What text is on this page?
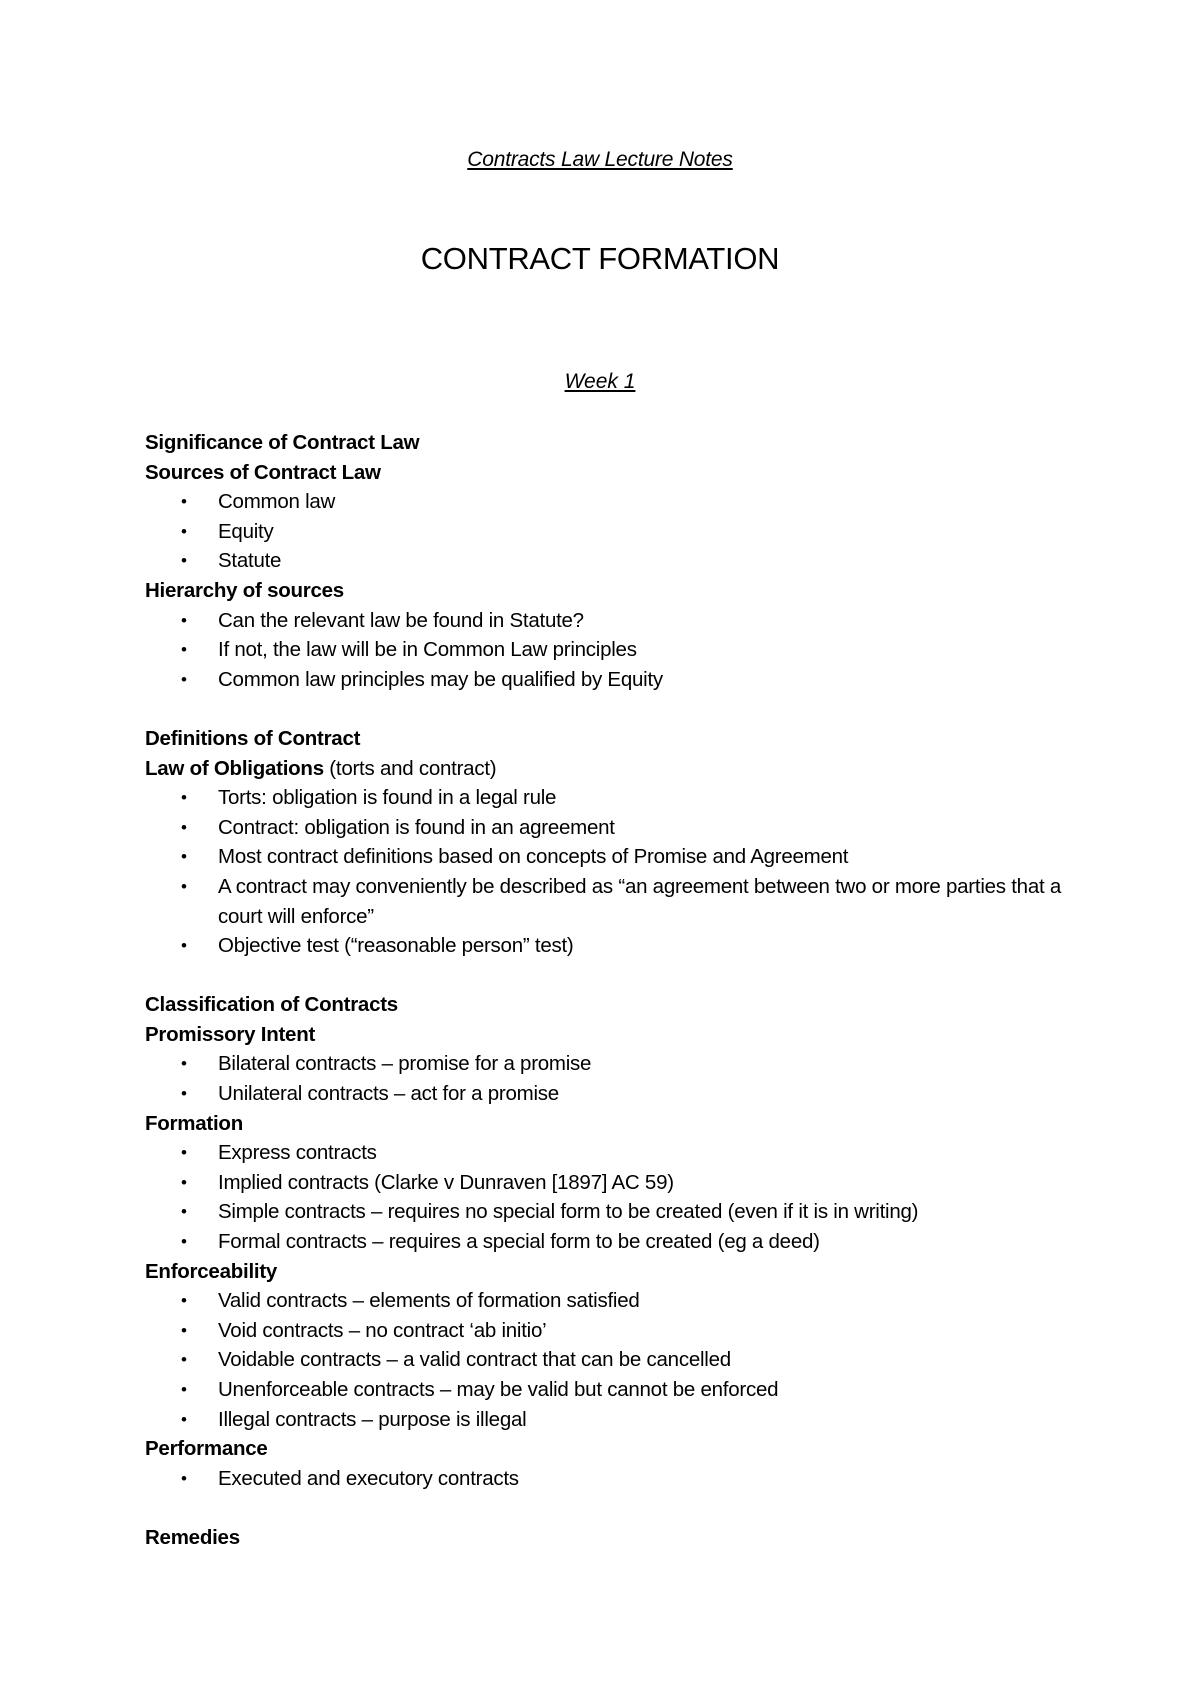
Contracts Law Lecture Notes
CONTRACT FORMATION
Week 1

Significance of Contract Law

Sources of Contract Law

• Common law
• Equity
• Statute

Hierarchy of sources

• Can the relevant law be found in Statute?
• If not, the law will be in Common Law principles
• Common law principles may be qualified by Equity

Definitions of Contract

Law of Obligations (torts and contract)

• Torts: obligation is found in a legal rule
• Contract: obligation is found in an agreement
• Most contract definitions based on concepts of Promise and Agreement
• A contract may conveniently be described as “an agreement between two or more parties that a court will enforce”
• Objective test (“reasonable person” test)

Classification of Contracts

Promissory Intent

• Bilateral contracts – promise for a promise
• Unilateral contracts – act for a promise

Formation

• Express contracts
• Implied contracts (Clarke v Dunraven [1897] AC 59)
• Simple contracts – requires no special form to be created (even if it is in writing)
• Formal contracts – requires a special form to be created (eg a deed)

Enforceability

• Valid contracts – elements of formation satisfied
• Void contracts – no contract ‘ab initio’
• Voidable contracts – a valid contract that can be cancelled
• Unenforceable contracts – may be valid but cannot be enforced
• Illegal contracts – purpose is illegal

Performance

• Executed and executory contracts

Remedies
